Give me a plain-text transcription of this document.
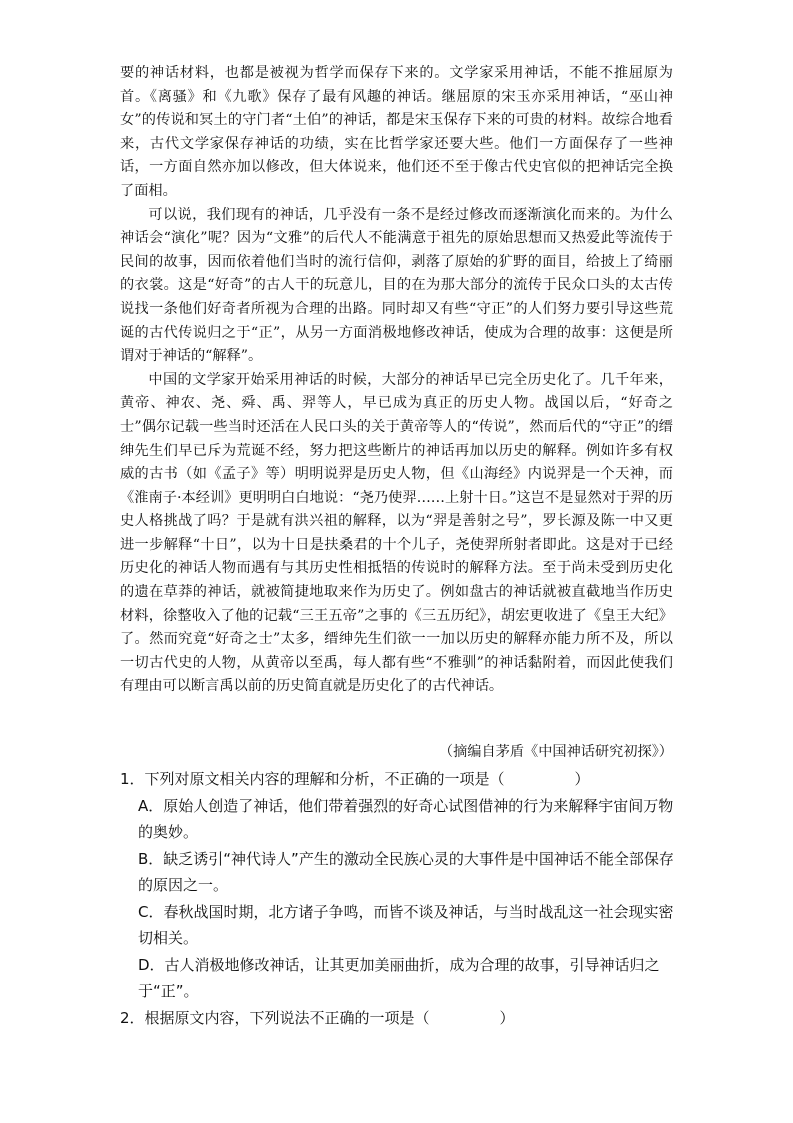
要的神话材料，也都是被视为哲学而保存下来的。文学家采用神话，不能不推屈原为首。《离骚》和《九歌》保存了最有风趣的神话。继屈原的宋玉亦采用神话，“巫山神女”的传说和冥土的守门者“土伯”的神话，都是宋玉保存下来的可贵的材料。故综合地看来，古代文学家保存神话的功绩，实在比哲学家还要大些。他们一方面保存了一些神话，一方面自然亦加以修改，但大体说来，他们还不至于像古代史官似的把神话完全换了面相。

可以说，我们现有的神话，几乎没有一条不是经过修改而逐渐演化而来的。为什么神话会“演化”呢？因为“文雅”的后代人不能满意于祖先的原始思想而又热爱此等流传于民间的故事，因而依着他们当时的流行信仰，剥落了原始的犷野的面目，给披上了绮丽的衣裳。这是“好奇”的古人干的玩意儿，目的在为那大部分的流传于民众口头的太古传说找一条他们好奇者所视为合理的出路。同时却又有些“守正”的人们努力要引导这些荒诞的古代传说归之于“正”，从另一方面消极地修改神话，使成为合理的故事：这便是所谓对于神话的“解释”。

中国的文学家开始采用神话的时候，大部分的神话早已完全历史化了。几千年来，黄帝、神农、尧、舜、禹、羿等人，早已成为真正的历史人物。战国以后，“好奇之士”偶尔记载一些当时还活在人民口头的关于黄帝等人的“传说”，然而后代的“守正”的缙绅先生们早已斥为荒诞不经，努力把这些断片的神话再加以历史的解释。例如许多有权威的古书（如《孟子》等）明明说羿是历史人物，但《山海经》内说羿是一个天神，而《淮南子·本经训》更明明白白地说：“尧乃使羿……上射十日。”这岂不是显然对于羿的历史人格挑战了吗？于是就有洪兴祖的解释，以为“羿是善射之号”，罗长源及陈一中又更进一步解释“十日”，以为十日是扶桑君的十个儿子，尧使羿所射者即此。这是对于已经历史化的神话人物而遇有与其历史性相抵牾的传说时的解释方法。至于尚未受到历史化的遗在草莽的神话，就被简捷地取来作为历史了。例如盘古的神话就被直截地当作历史材料，徐整收入了他的记载“三王五帝”之事的《三五历纪》，胡宏更收进了《皇王大纪》了。然而究竟“好奇之士”太多，缙绅先生们欲一一加以历史的解释亦能力所不及，所以一切古代史的人物，从黄帝以至禹，每人都有些“不雅驯”的神话黏附着，而因此使我们有理由可以断言禹以前的历史简直就是历史化了的古代神话。

（摘编自茅盾《中国神话研究初探》）

1．下列对原文相关内容的理解和分析，不正确的一项是（	）

A．原始人创造了神话，他们带着强烈的好奇心试图借神的行为来解释宇宙间万物的奥妙。

B．缺乏诱引“神代诗人”产生的激动全民族心灵的大事件是中国神话不能全部保存的原因之一。

C．春秋战国时期，北方诸子争鸣，而皆不谈及神话，与当时战乱这一社会现实密切相关。

D．古人消极地修改神话，让其更加美丽曲折，成为合理的故事，引导神话归之于“正”。

2．根据原文内容，下列说法不正确的一项是（	）
